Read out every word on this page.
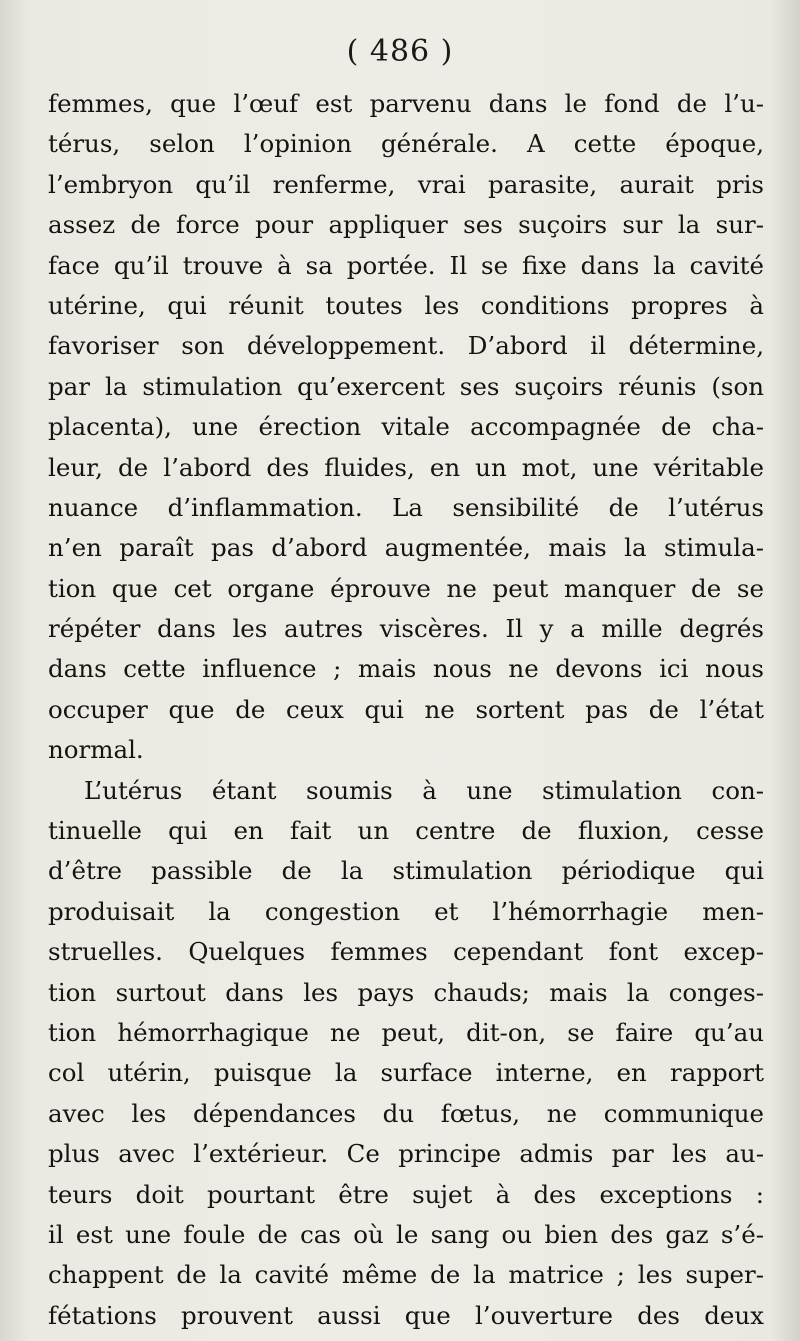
( 486 )
femmes, que l’œuf est parvenu dans le fond de l’u-
térus, selon l’opinion générale. A cette époque,
l’embryon qu’il renferme, vrai parasite, aurait pris
assez de force pour appliquer ses suçoirs sur la sur-
face qu’il trouve à sa portée. Il se fixe dans la cavité
utérine, qui réunit toutes les conditions propres à
favoriser son développement. D’abord il détermine,
par la stimulation qu’exercent ses suçoirs réunis (son
placenta), une érection vitale accompagnée de cha-
leur, de l’abord des fluides, en un mot, une véritable
nuance d’inflammation. La sensibilité de l’utérus
n’en paraît pas d’abord augmentée, mais la stimula-
tion que cet organe éprouve ne peut manquer de se
répéter dans les autres viscères. Il y a mille degrés
dans cette influence ; mais nous ne devons ici nous
occuper que de ceux qui ne sortent pas de l’état
normal.
L’utérus étant soumis à une stimulation con-
tinuelle qui en fait un centre de fluxion, cesse
d’être passible de la stimulation périodique qui
produisait la congestion et l’hémorrhagie men-
struelles. Quelques femmes cependant font excep-
tion surtout dans les pays chauds; mais la conges-
tion hémorrhagique ne peut, dit-on, se faire qu’au
col utérin, puisque la surface interne, en rapport
avec les dépendances du fœtus, ne communique
plus avec l’extérieur. Ce principe admis par les au-
teurs doit pourtant être sujet à des exceptions :
il est une foule de cas où le sang ou bien des gaz s’é-
chappent de la cavité même de la matrice ; les super-
fétations prouvent aussi que l’ouverture des deux
